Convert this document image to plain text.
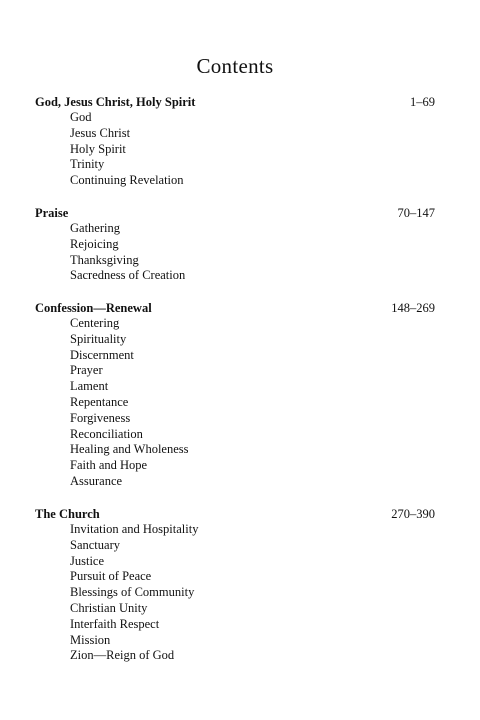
Contents
God, Jesus Christ, Holy Spirit	1–69
God
Jesus Christ
Holy Spirit
Trinity
Continuing Revelation
Praise	70–147
Gathering
Rejoicing
Thanksgiving
Sacredness of Creation
Confession—Renewal	148–269
Centering
Spirituality
Discernment
Prayer
Lament
Repentance
Forgiveness
Reconciliation
Healing and Wholeness
Faith and Hope
Assurance
The Church	270–390
Invitation and Hospitality
Sanctuary
Justice
Pursuit of Peace
Blessings of Community
Christian Unity
Interfaith Respect
Mission
Zion—Reign of God
